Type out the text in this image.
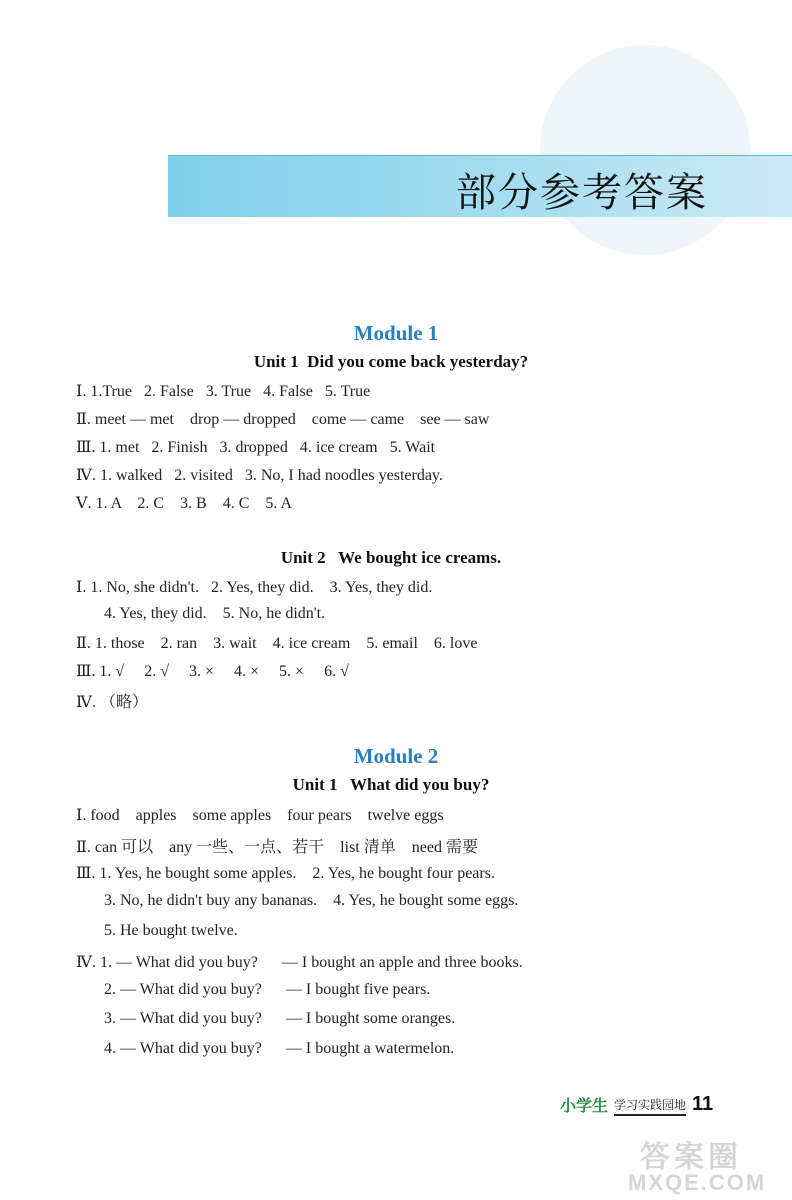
部分参考答案
Module 1
Unit 1  Did you come back yesterday?
Ⅰ. 1.True   2. False   3. True   4. False   5. True
Ⅱ. meet — met    drop — dropped    come — came    see — saw
Ⅲ. 1. met   2. Finish   3. dropped   4. ice cream   5. Wait
Ⅳ. 1. walked   2. visited   3. No, I had noodles yesterday.
Ⅴ. 1. A    2. C    3. B    4. C    5. A
Unit 2   We bought ice creams.
Ⅰ. 1. No, she didn't.   2. Yes, they did.    3. Yes, they did.
4. Yes, they did.    5. No, he didn't.
Ⅱ. 1. those    2. ran    3. wait    4. ice cream    5. email    6. love
Ⅲ. 1. √     2. √     3. ×     4. ×     5. ×     6. √
Ⅳ. （略）
Module 2
Unit 1   What did you buy?
Ⅰ. food    apples    some apples    four pears    twelve eggs
Ⅱ. can 可以    any 一些、一点、若干    list 清单    need 需要
Ⅲ. 1. Yes, he bought some apples.    2. Yes, he bought four pears.
3. No, he didn't buy any bananas.    4. Yes, he bought some eggs.
5. He bought twelve.
Ⅳ. 1. — What did you buy?      — I bought an apple and three books.
2. — What did you buy?      — I bought five pears.
3. — What did you buy?      — I bought some oranges.
4. — What did you buy?      — I bought a watermelon.
小学生 学习实践园地 11
答案圈
MXQE.COM
